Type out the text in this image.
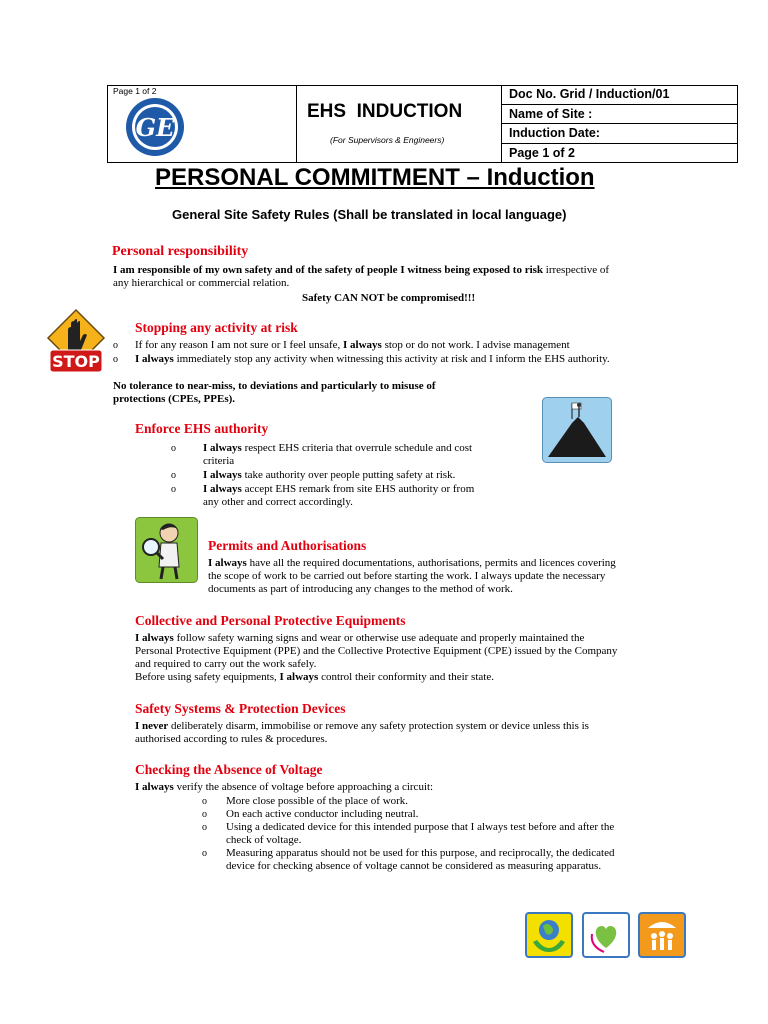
Page 1 of 2
GE
EHS  INDUCTION
(For Supervisors & Engineers)
Doc No. Grid / Induction/01
Name of Site :
Induction Date:
Page 1 of 2
PERSONAL COMMITMENT – Induction
General Site Safety Rules (Shall be translated in local language)
Personal responsibility
I am responsible of my own safety and of the safety of people I witness being exposed to risk irrespective of
any hierarchical or commercial relation.
Safety CAN NOT be compromised!!!
STOP
Stopping any activity at risk
o If for any reason I am not sure or I feel unsafe, I always stop or do not work. I advise management
o I always immediately stop any activity when witnessing this activity at risk and I inform the EHS authority.
No tolerance to near-miss, to deviations and particularly to misuse of
protections (CPEs, PPEs).
Enforce EHS authority
o I always respect EHS criteria that overrule schedule and cost
criteria
o I always take authority over people putting safety at risk.
o I always accept EHS remark from site EHS authority or from
any other and correct accordingly.
Permits and Authorisations
I always have all the required documentations, authorisations, permits and licences covering
the scope of work to be carried out before starting the work. I always update the necessary
documents as part of introducing any changes to the method of work.
Collective and Personal Protective Equipments
I always follow safety warning signs and wear or otherwise use adequate and properly maintained the
Personal Protective Equipment (PPE) and the Collective Protective Equipment (CPE) issued by the Company
and required to carry out the work safely.
Before using safety equipments, I always control their conformity and their state.
Safety Systems & Protection Devices
I never deliberately disarm, immobilise or remove any safety protection system or device unless this is
authorised according to rules & procedures.
Checking the Absence of Voltage
I always verify the absence of voltage before approaching a circuit:
o More close possible of the place of work.
o On each active conductor including neutral.
o Using a dedicated device for this intended purpose that I always test before and after the
check of voltage.
o Measuring apparatus should not be used for this purpose, and reciprocally, the dedicated
device for checking absence of voltage cannot be considered as measuring apparatus.
